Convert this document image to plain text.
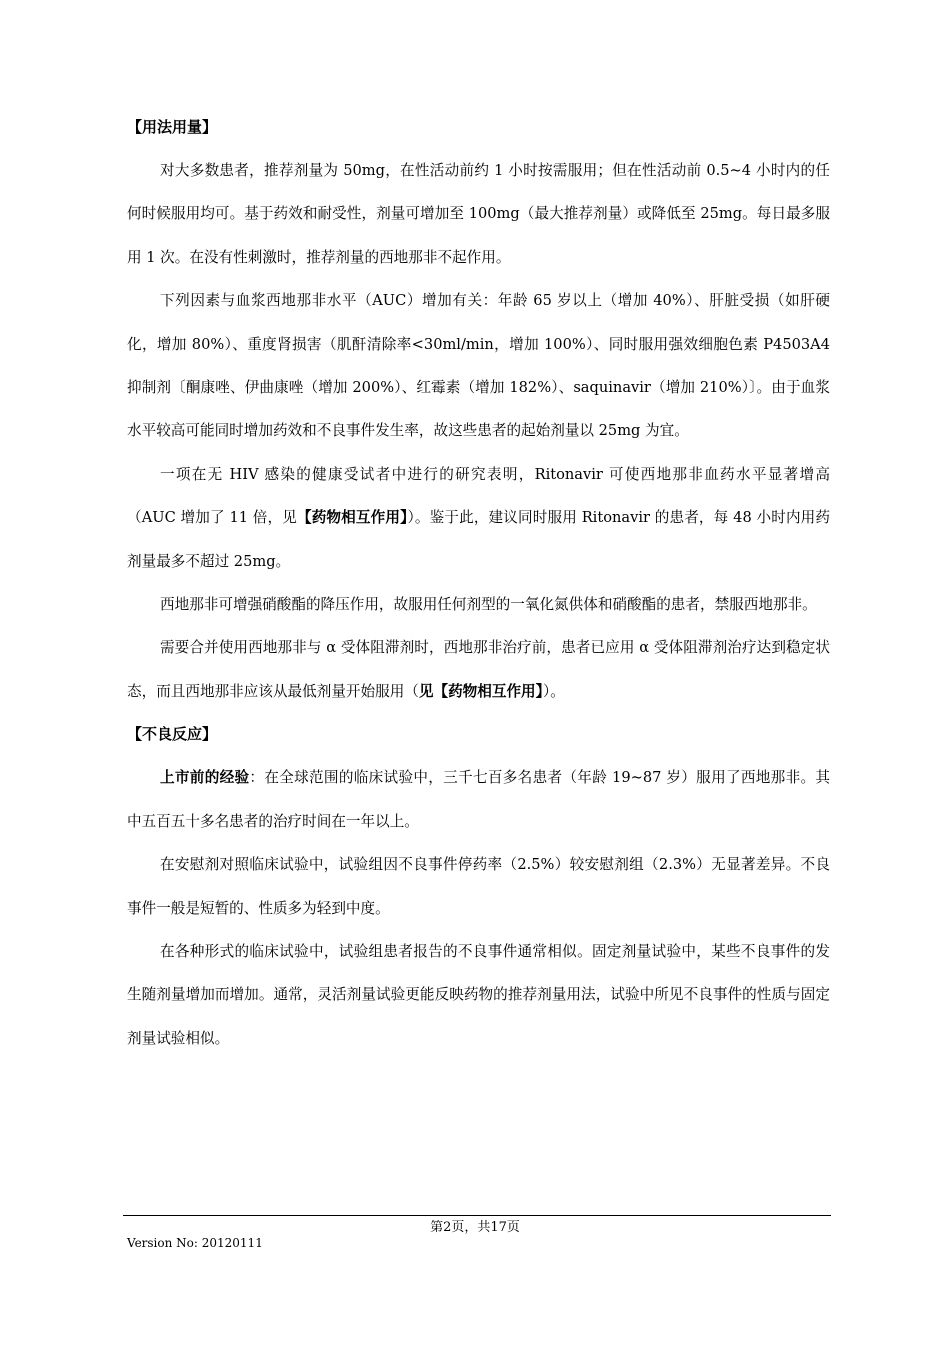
【用法用量】

对大多数患者，推荐剂量为 50mg，在性活动前约 1 小时按需服用；但在性活动前 0.5~4 小时内的任何时候服用均可。基于药效和耐受性，剂量可增加至 100mg（最大推荐剂量）或降低至 25mg。每日最多服用 1 次。在没有性刺激时，推荐剂量的西地那非不起作用。

下列因素与血浆西地那非水平（AUC）增加有关：年龄 65 岁以上（增加 40%）、肝脏受损（如肝硬化，增加 80%）、重度肾损害（肌酐清除率<30ml/min，增加 100%）、同时服用强效细胞色素 P4503A4 抑制剂〔酮康唑、伊曲康唑（增加 200%）、红霉素（增加 182%）、saquinavir（增加 210%）〕。由于血浆水平较高可能同时增加药效和不良事件发生率，故这些患者的起始剂量以 25mg 为宜。

一项在无 HIV 感染的健康受试者中进行的研究表明，Ritonavir 可使西地那非血药水平显著增高（AUC 增加了 11 倍，见【药物相互作用】）。鉴于此，建议同时服用 Ritonavir 的患者，每 48 小时内用药剂量最多不超过 25mg。

西地那非可增强硝酸酯的降压作用，故服用任何剂型的一氧化氮供体和硝酸酯的患者，禁服西地那非。

需要合并使用西地那非与 α 受体阻滞剂时，西地那非治疗前，患者已应用 α 受体阻滞剂治疗达到稳定状态，而且西地那非应该从最低剂量开始服用（见【药物相互作用】）。

【不良反应】

上市前的经验：在全球范围的临床试验中，三千七百多名患者（年龄 19~87 岁）服用了西地那非。其中五百五十多名患者的治疗时间在一年以上。

在安慰剂对照临床试验中，试验组因不良事件停药率（2.5%）较安慰剂组（2.3%）无显著差异。不良事件一般是短暂的、性质多为轻到中度。

在各种形式的临床试验中，试验组患者报告的不良事件通常相似。固定剂量试验中，某些不良事件的发生随剂量增加而增加。通常，灵活剂量试验更能反映药物的推荐剂量用法，试验中所见不良事件的性质与固定剂量试验相似。

第2页，共17页
Version No: 20120111
